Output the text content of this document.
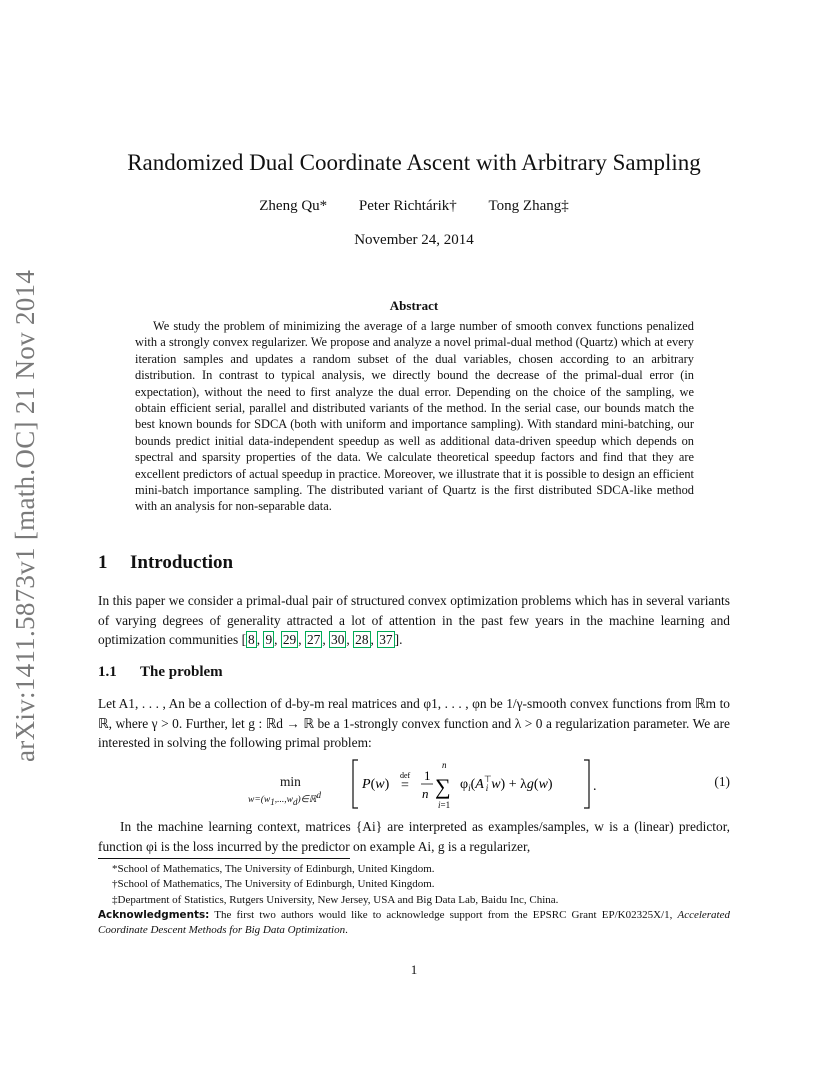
arXiv:1411.5873v1 [math.OC] 21 Nov 2014
Randomized Dual Coordinate Ascent with Arbitrary Sampling
Zheng Qu* Peter Richtárik† Tong Zhang‡
November 24, 2014
Abstract
We study the problem of minimizing the average of a large number of smooth convex functions penalized with a strongly convex regularizer. We propose and analyze a novel primal-dual method (Quartz) which at every iteration samples and updates a random subset of the dual variables, chosen according to an arbitrary distribution. In contrast to typical analysis, we directly bound the decrease of the primal-dual error (in expectation), without the need to first analyze the dual error. Depending on the choice of the sampling, we obtain efficient serial, parallel and distributed variants of the method. In the serial case, our bounds match the best known bounds for SDCA (both with uniform and importance sampling). With standard mini-batching, our bounds predict initial data-independent speedup as well as additional data-driven speedup which depends on spectral and sparsity properties of the data. We calculate theoretical speedup factors and find that they are excellent predictors of actual speedup in practice. Moreover, we illustrate that it is possible to design an efficient mini-batch importance sampling. The distributed variant of Quartz is the first distributed SDCA-like method with an analysis for non-separable data.
1 Introduction
In this paper we consider a primal-dual pair of structured convex optimization problems which has in several variants of varying degrees of generality attracted a lot of attention in the past few years in the machine learning and optimization communities [ 8 , 9 , 29 , 27 , 30 , 28 , 37 ].
1.1 The problem
Let A1, . . . , An be a collection of d-by-m real matrices and φ1, . . . , φn be 1/γ-smooth convex functions from ℝm to ℝ, where γ > 0. Further, let g : ℝd → ℝ be a 1-strongly convex function and λ > 0 a regularization parameter. We are interested in solving the following primal problem:
min
$w=(w_1,...,w_d)\in ℝ^d$
P(w)
def
=
1
n
n
∑
i=1
$\varphi_i(A^⊤$ i w) + λg(w)	.	(1)
In the machine learning context, matrices {Ai} are interpreted as examples/samples, w is a (linear) predictor, function φi is the loss incurred by the predictor on example Ai, g is a regularizer,
*School of Mathematics, The University of Edinburgh, United Kingdom.
†School of Mathematics, The University of Edinburgh, United Kingdom.
‡Department of Statistics, Rutgers University, New Jersey, USA and Big Data Lab, Baidu Inc, China.
Acknowledgments: The first two authors would like to acknowledge support from the EPSRC Grant EP/K02325X/1, Accelerated Coordinate Descent Methods for Big Data Optimization.
1
